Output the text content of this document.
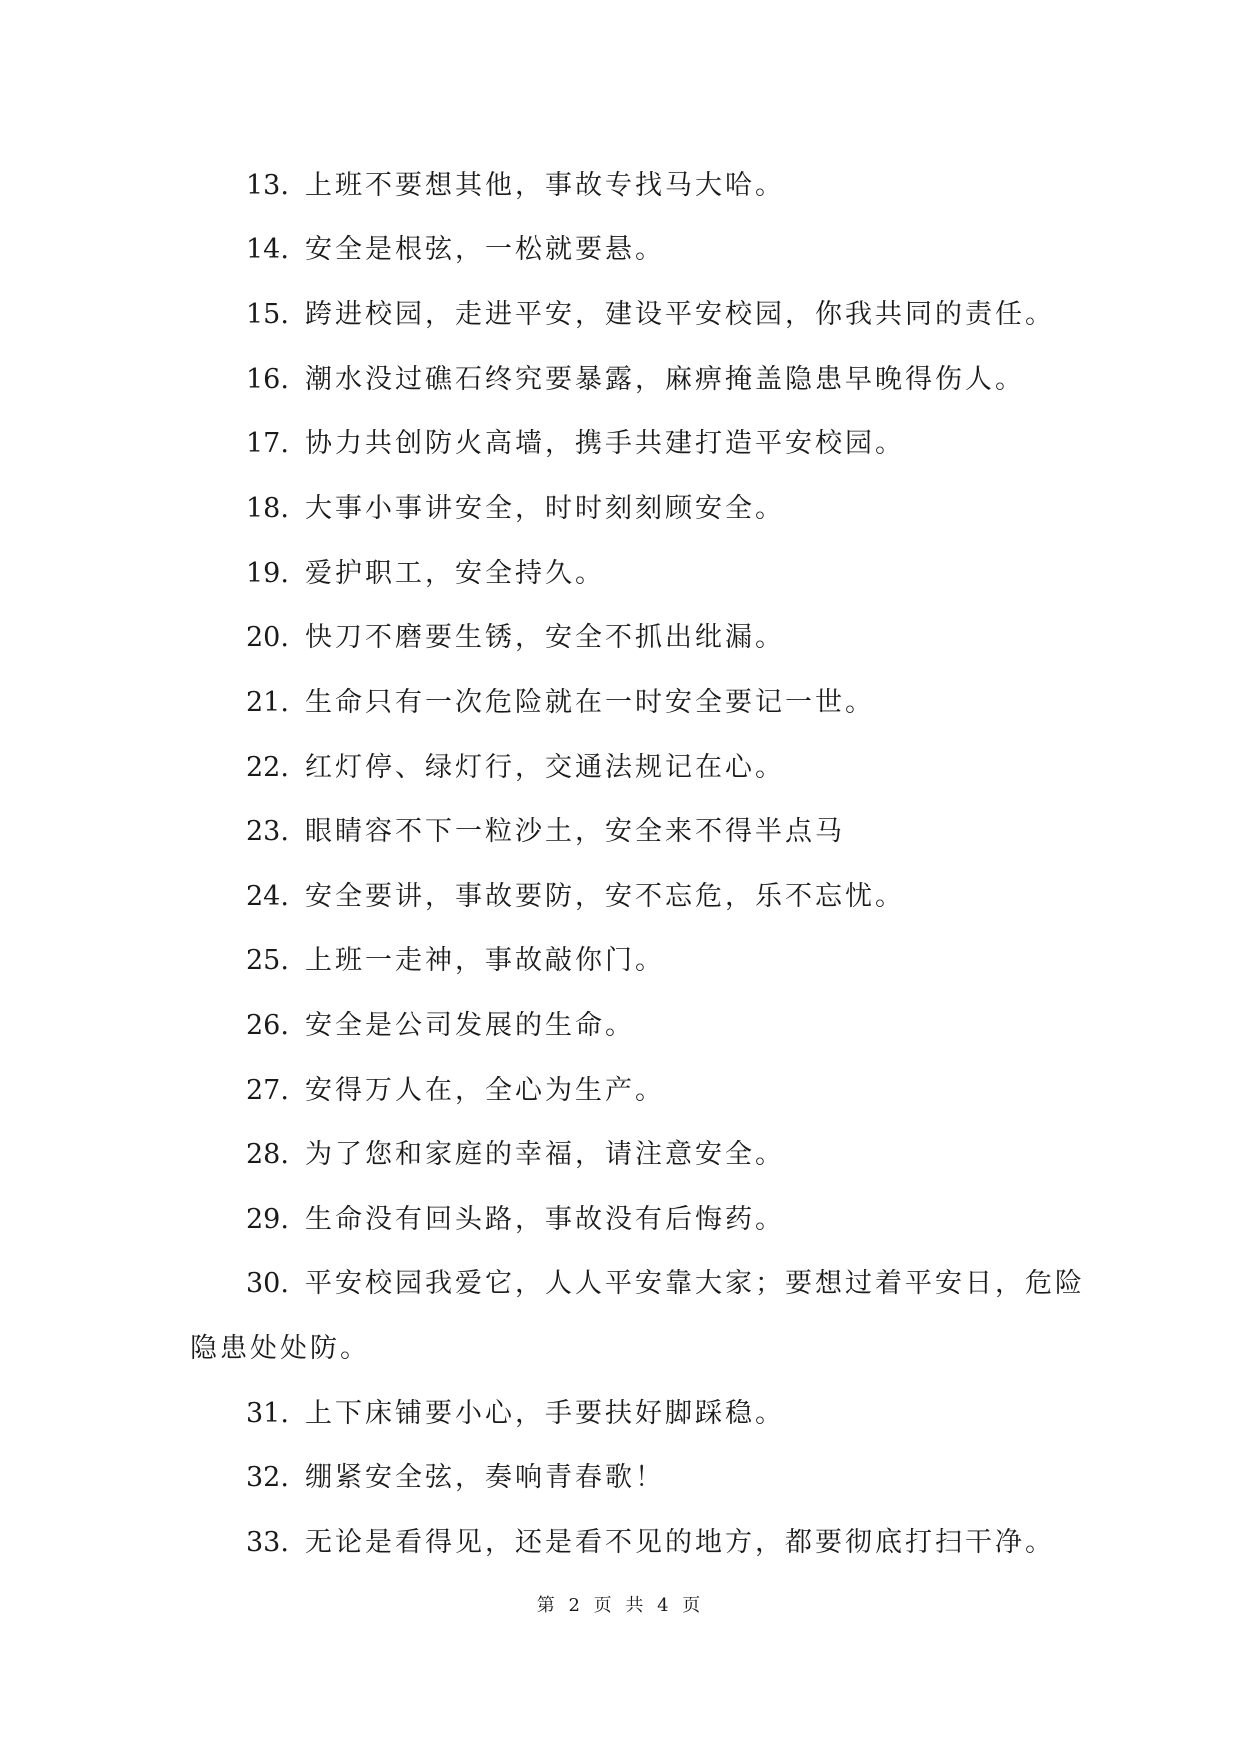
13. 上班不要想其他，事故专找马大哈。
14. 安全是根弦，一松就要悬。
15. 跨进校园，走进平安，建设平安校园，你我共同的责任。
16. 潮水没过礁石终究要暴露，麻痹掩盖隐患早晚得伤人。
17. 协力共创防火高墙，携手共建打造平安校园。
18. 大事小事讲安全，时时刻刻顾安全。
19. 爱护职工，安全持久。
20. 快刀不磨要生锈，安全不抓出纰漏。
21. 生命只有一次危险就在一时安全要记一世。
22. 红灯停、绿灯行，交通法规记在心。
23. 眼睛容不下一粒沙土，安全来不得半点马
24. 安全要讲，事故要防，安不忘危，乐不忘忧。
25. 上班一走神，事故敲你门。
26. 安全是公司发展的生命。
27. 安得万人在，全心为生产。
28. 为了您和家庭的幸福，请注意安全。
29. 生命没有回头路，事故没有后悔药。
30. 平安校园我爱它，人人平安靠大家；要想过着平安日，危险
隐患处处防。
31. 上下床铺要小心，手要扶好脚踩稳。
32. 绷紧安全弦，奏响青春歌！
33. 无论是看得见，还是看不见的地方，都要彻底打扫干净。
第 2 页 共 4 页
